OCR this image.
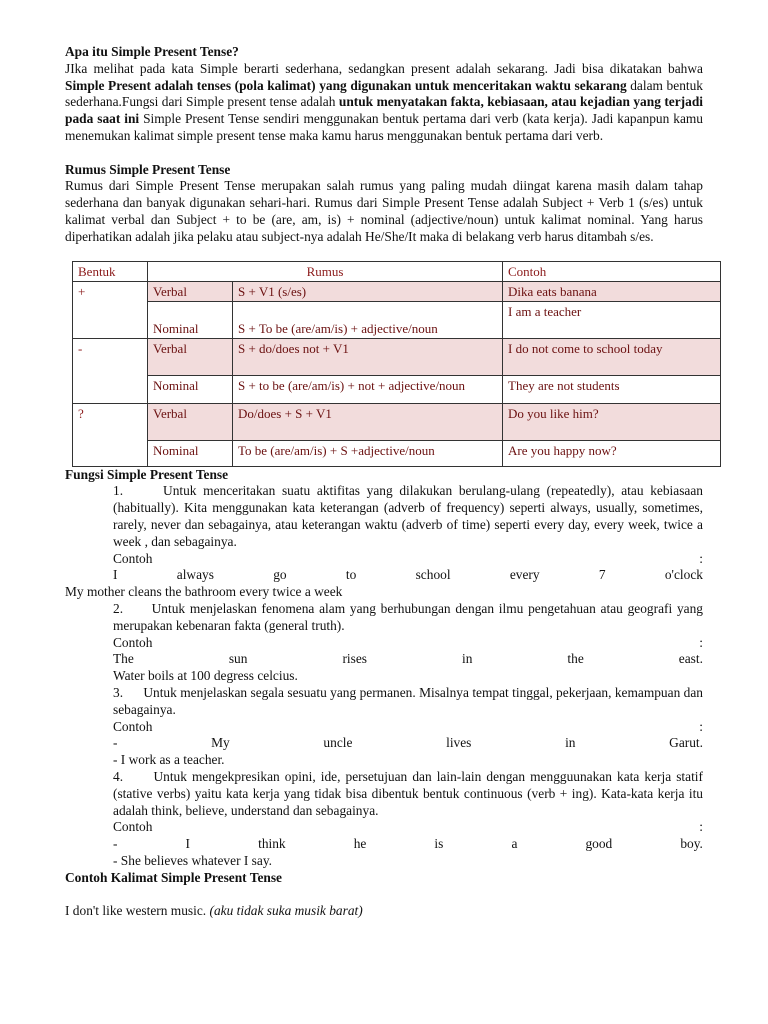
Apa itu Simple Present Tense?

JIka melihat pada kata Simple berarti sederhana, sedangkan present adalah sekarang. Jadi bisa dikatakan bahwa Simple Present adalah tenses (pola kalimat) yang digunakan untuk menceritakan waktu sekarang dalam bentuk sederhana.Fungsi dari Simple present tense adalah untuk menyatakan fakta, kebiasaan, atau kejadian yang terjadi pada saat ini Simple Present Tense sendiri menggunakan bentuk pertama dari verb (kata kerja). Jadi kapanpun kamu menemukan kalimat simple present tense maka kamu harus menggunakan bentuk pertama dari verb.

Rumus Simple Present Tense

Rumus dari Simple Present Tense merupakan salah rumus yang paling mudah diingat karena masih dalam tahap sederhana dan banyak digunakan sehari-hari. Rumus dari Simple Present Tense adalah Subject + Verb 1 (s/es) untuk kalimat verbal dan Subject + to be (are, am, is) + nominal (adjective/noun) untuk kalimat nominal. Yang harus diperhatikan adalah jika pelaku atau subject-nya adalah He/She/It maka di belakang verb harus ditambah s/es.

Bentuk	Rumus		Contoh
+	Verbal	S + V1 (s/es)	Dika eats banana
	Nominal	S + To be (are/am/is) + adjective/noun	I am a teacher
-	Verbal	S + do/does not + V1	I do not come to school today
	Nominal	S + to be (are/am/is) + not + adjective/noun	They are not students
?	Verbal	Do/does + S + V1	Do you like him?
	Nominal	To be (are/am/is) + S +adjective/noun	Are you happy now?
Fungsi Simple Present Tense

1.      Untuk menceritakan suatu aktifitas yang dilakukan berulang-ulang (repeatedly), atau kebiasaan (habitually). Kita menggunakan kata keterangan (adverb of frequency) seperti always, usually, sometimes, rarely, never dan sebagainya, atau keterangan waktu (adverb of time) seperti every day, every week, twice a week , dan sebagainya.

Contoh	:
I	always	go	to	school	every	7	o'clock
My mother cleans the bathroom every twice a week

2.      Untuk menjelaskan fenomena alam yang berhubungan dengan ilmu pengetahuan atau geografi yang merupakan kebenaran fakta (general truth).

Contoh	:
The	sun	rises	in	the	east.
Water boils at 100 degress celcius.

3.      Untuk menjelaskan segala sesuatu yang permanen. Misalnya tempat tinggal, pekerjaan, kemampuan dan sebagainya.

Contoh	:
-	My	uncle	lives	in	Garut.
- I work as a teacher.

4.      Untuk mengekpresikan opini, ide, persetujuan dan lain-lain dengan mengguunakan kata kerja statif (stative verbs) yaitu kata kerja yang tidak bisa dibentuk bentuk continuous (verb + ing). Kata-kata kerja itu adalah think, believe, understand dan sebagainya.

Contoh	:
-	I	think	he	is	a	good	boy.
- She believes whatever I say.
Contoh Kalimat Simple Present Tense
I don't like western music. (aku tidak suka musik barat)
